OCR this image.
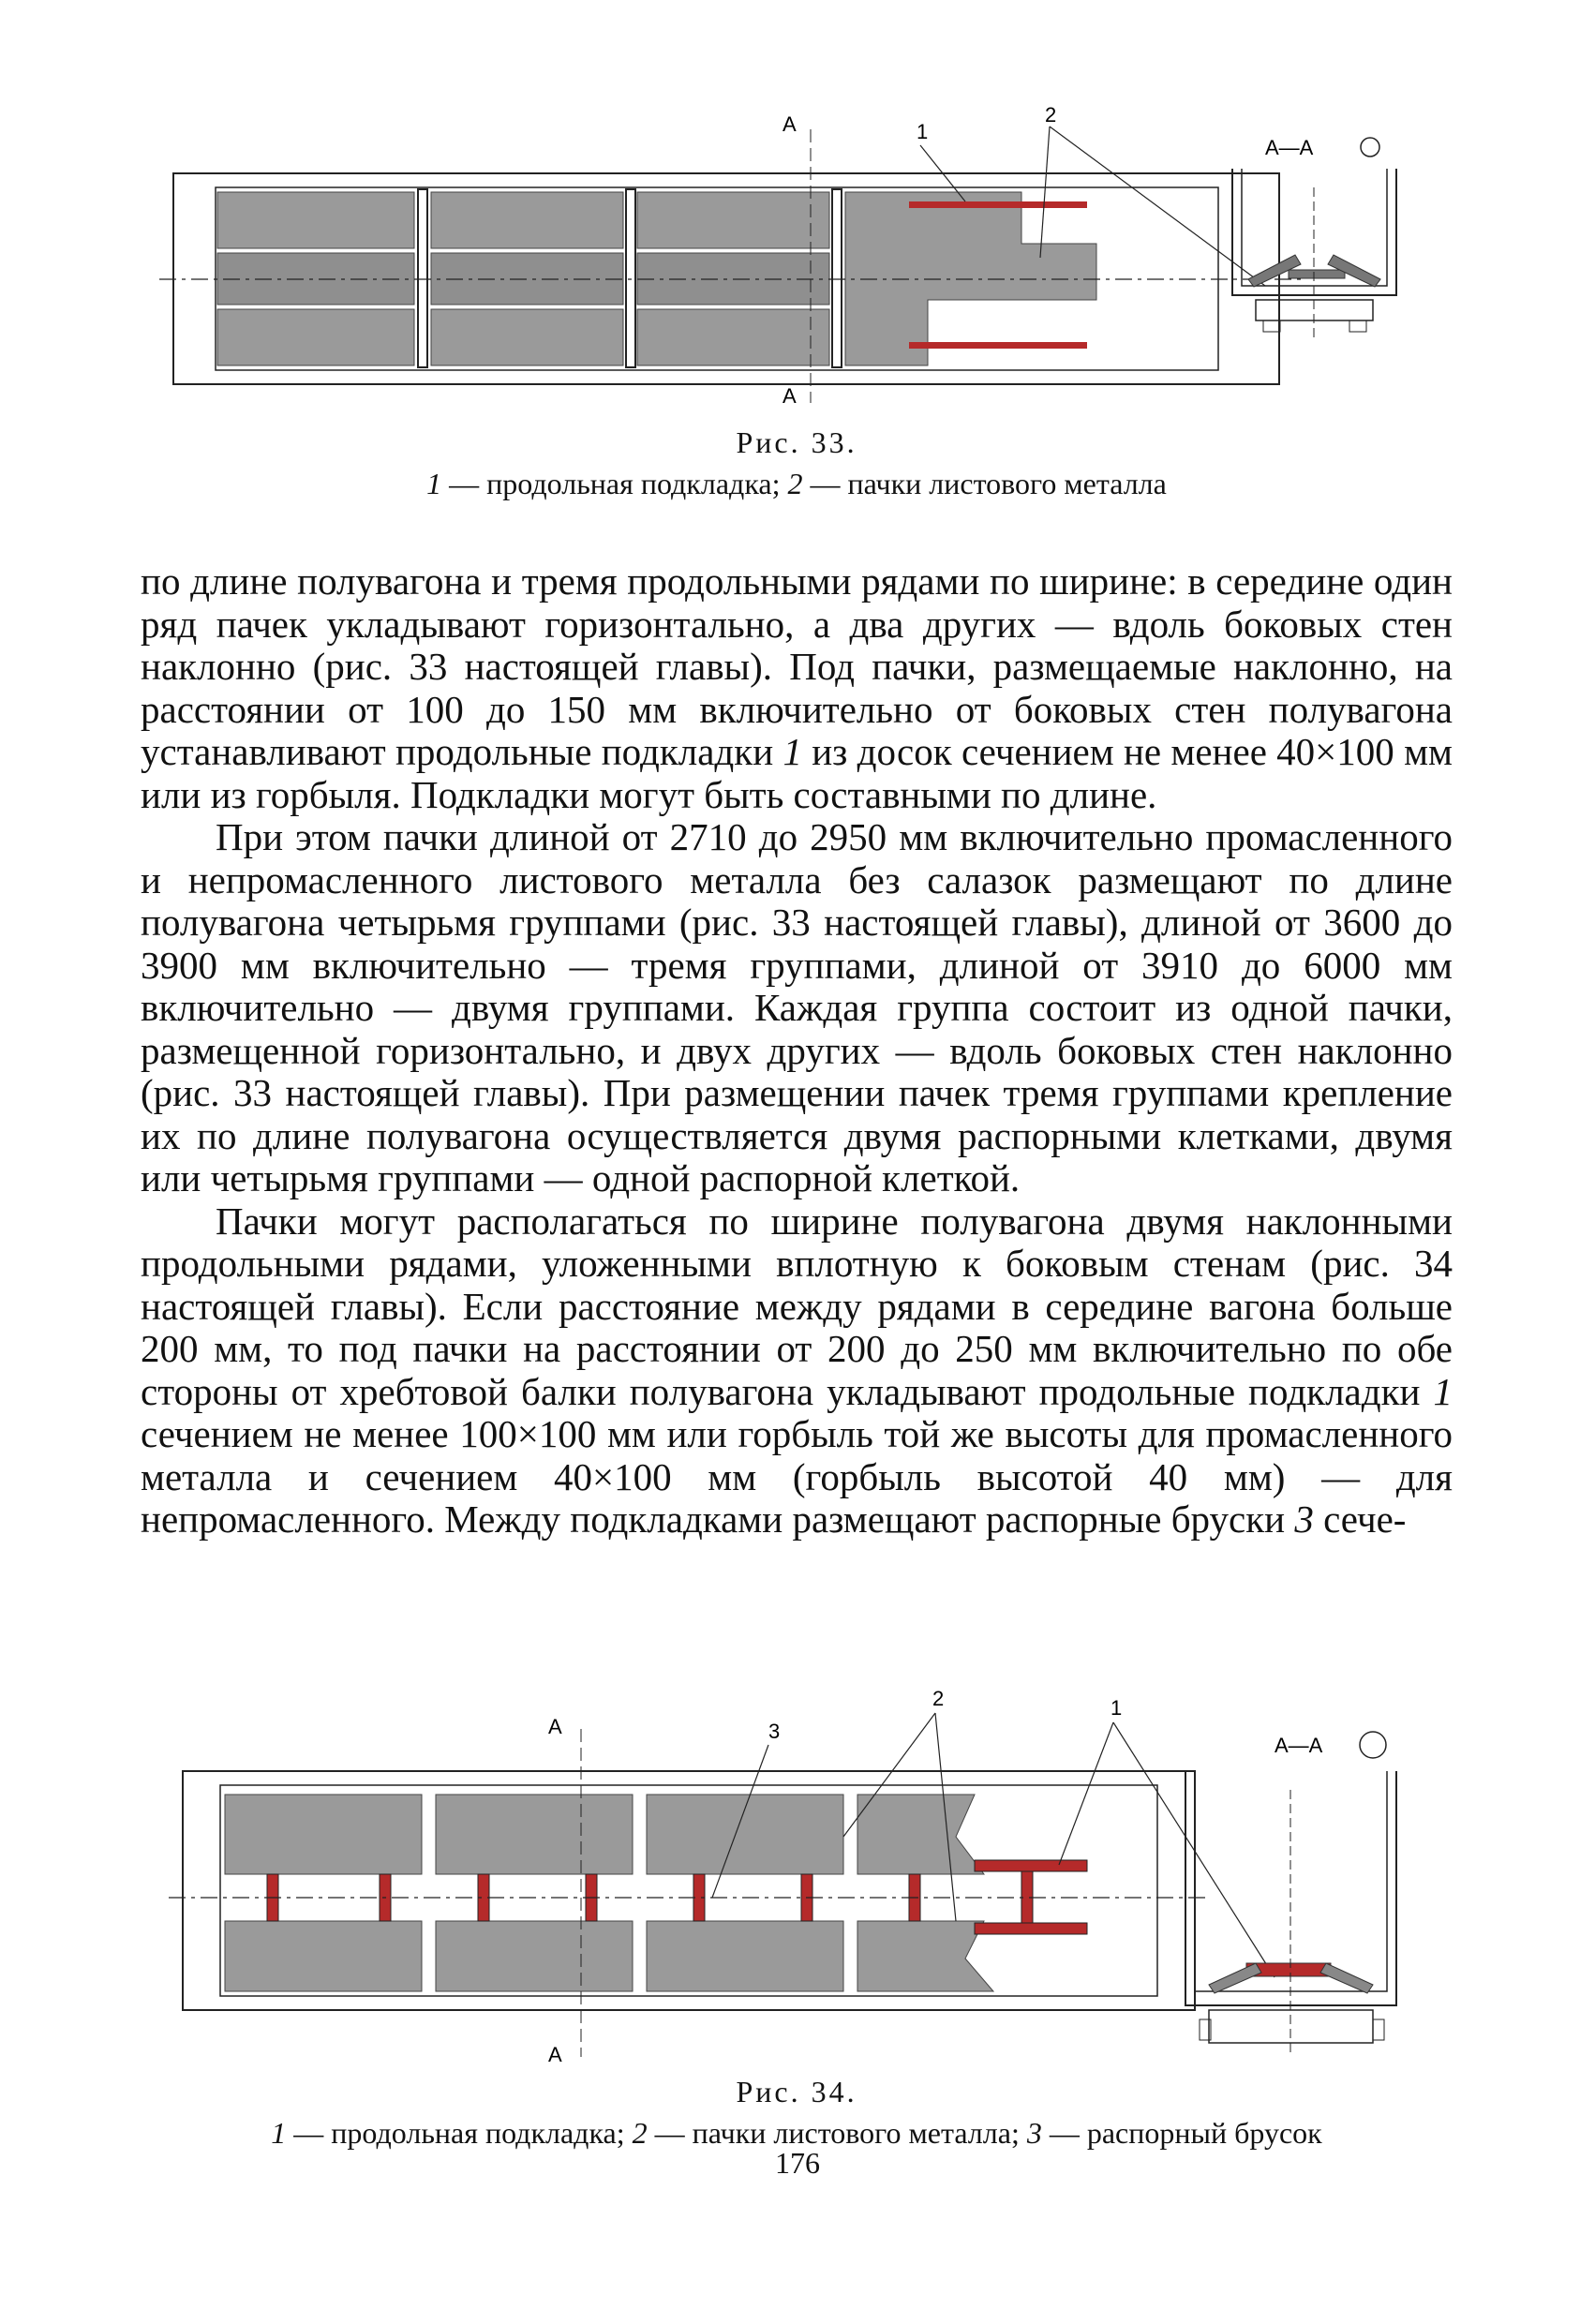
A
A
1
2
А—А
Рис. 33.
1 — продольная подкладка; 2 — пачки листового металла

по длине полувагона и тремя продольными рядами по ширине: в середине один ряд пачек укладывают горизонтально, а два других — вдоль боковых стен наклонно (рис. 33 настоящей главы). Под пачки, размещаемые наклонно, на расстоянии от 100 до 150 мм включительно от боковых стен полувагона устанавливают продольные подкладки 1 из досок сечением не менее 40×100 мм или из горбыля. Подкладки могут быть составными по длине.

При этом пачки длиной от 2710 до 2950 мм включительно промасленного и непромасленного листового металла без салазок размещают по длине полувагона четырьмя группами (рис. 33 настоящей главы), длиной от 3600 до 3900 мм включительно — тремя группами, длиной от 3910 до 6000 мм включительно — двумя группами. Каждая группа состоит из одной пачки, размещенной горизонтально, и двух других — вдоль боковых стен наклонно (рис. 33 настоящей главы). При размещении пачек тремя группами крепление их по длине полувагона осуществляется двумя распорными клетками, двумя или четырьмя группами — одной распорной клеткой.

Пачки могут располагаться по ширине полувагона двумя наклонными продольными рядами, уложенными вплотную к боковым стенам (рис. 34 настоящей главы). Если расстояние между рядами в середине вагона больше 200 мм, то под пачки на расстоянии от 200 до 250 мм включительно по обе стороны от хребтовой балки полувагона укладывают продольные подкладки 1 сечением не менее 100×100 мм или горбыль той же высоты для промасленного металла и сечением 40×100 мм (горбыль высотой 40 мм) — для непромасленного. Между подкладками размещают распорные бруски 3 сече-

A
A
3
2	1
А—А
Рис. 34.
1 — продольная подкладка; 2 — пачки листового металла; 3 — распорный брусок
176
